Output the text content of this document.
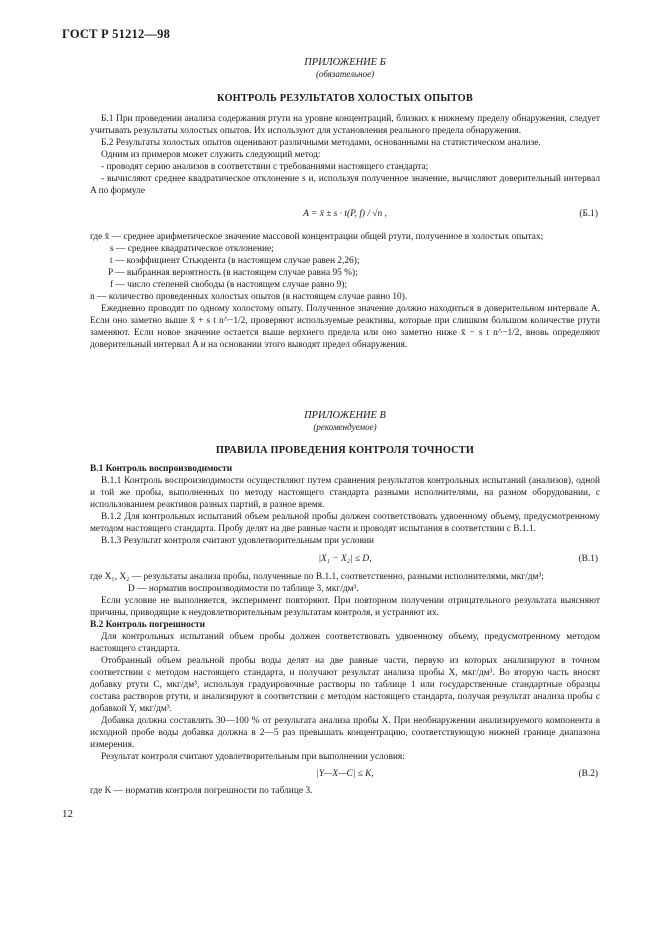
ГОСТ Р 51212—98
ПРИЛОЖЕНИЕ Б
(обязательное)
КОНТРОЛЬ РЕЗУЛЬТАТОВ ХОЛОСТЫХ ОПЫТОВ

Б.1 При проведении анализа содержания ртути на уровне концентраций, близких к нижнему пределу обнаружения, следует учитывать результаты холостых опытов. Их используют для установления реального предела обнаружения.

Б.2 Результаты холостых опытов оценивают различными методами, основанными на статистическом анализе.

Одним из примеров может служить следующий метод:

- проводят серию анализов в соответствии с требованиями настоящего стандарта;

- вычисляют среднее квадратическое отклонение s и, используя полученное значение, вычисляют доверительный интервал A по формуле

A = x̄ ± s · t(P, f) / √n ,	(Б.1)

где x̄ — среднее арифметическое значение массовой концентрации общей ртути, полученное в холостых опытах;

s — среднее квадратическое отклонение;

t — коэффициент Стьюдента (в настоящем случае равен 2,26);

P — выбранная вероятность (в настоящем случае равна 95 %);

f — число степеней свободы (в настоящем случае равно 9);

n — количество проведенных холостых опытов (в настоящем случае равно 10).

Ежедневно проводят по одному холостому опыту. Полученное значение должно находиться в доверительном интервале A. Если оно заметно выше x̄ + s t n^−1/2, проверяют используемые реактивы, которые при слишком большом количестве ртути заменяют. Если новое значение остается выше верхнего предела или оно заметно ниже x̄ − s t n^−1/2, вновь определяют доверительный интервал A и на основании этого выводят предел обнаружения.

ПРИЛОЖЕНИЕ В
(рекомендуемое)
ПРАВИЛА ПРОВЕДЕНИЯ КОНТРОЛЯ ТОЧНОСТИ

В.1 Контроль воспроизводимости

В.1.1 Контроль воспроизводимости осуществляют путем сравнения результатов контрольных испытаний (анализов), одной и той же пробы, выполненных по методу настоящего стандарта разными исполнителями, на разном оборудовании, с использованием реактивов разных партий, в разное время.

В.1.2 Для контрольных испытаний объем реальной пробы должен соответствовать удвоенному объему, предусмотренному методом настоящего стандарта. Пробу делят на две равные части и проводят испытания в соответствии с В.1.1.

В.1.3 Результат контроля считают удовлетворительным при условии

|X₁ − X₂| ≤ D,	(В.1)

где X₁, X₂ — результаты анализа пробы, полученные по В.1.1, соответственно, разными исполнителями, мкг/дм³;

D — норматив воспроизводимости по таблице 3, мкг/дм³.

Если условие не выполняется, эксперимент повторяют. При повторном получении отрицательного результата выясняют причины, приводящие к неудовлетворительным результатам контроля, и устраняют их.

В.2 Контроль погрешности

Для контрольных испытаний объем пробы должен соответствовать удвоенному объему, предусмотренному методом настоящего стандарта.

Отобранный объем реальной пробы воды делят на две равные части, первую из которых анализируют в точном соответствии с методом настоящего стандарта, и получают результат анализа пробы X, мкг/дм³. Во вторую часть вносят добавку ртути C, мкг/дм³, используя градуировочные растворы по таблице 1 или государственные стандартные образцы состава растворов ртути, и анализируют в соответствии с методом настоящего стандарта, получая результат анализа пробы с добавкой Y, мкг/дм³.

Добавка должна составлять 30—100 % от результата анализа пробы X. При необнаружении анализируемого компонента в исходной пробе воды добавка должна в 2—5 раз превышать концентрацию, соответствующую нижней границе диапазона измерения.

Результат контроля считают удовлетворительным при выполнении условия:

|Y—X—C| ≤ K,	(В.2)

где K — норматив контроля погрешности по таблице 3.

12
